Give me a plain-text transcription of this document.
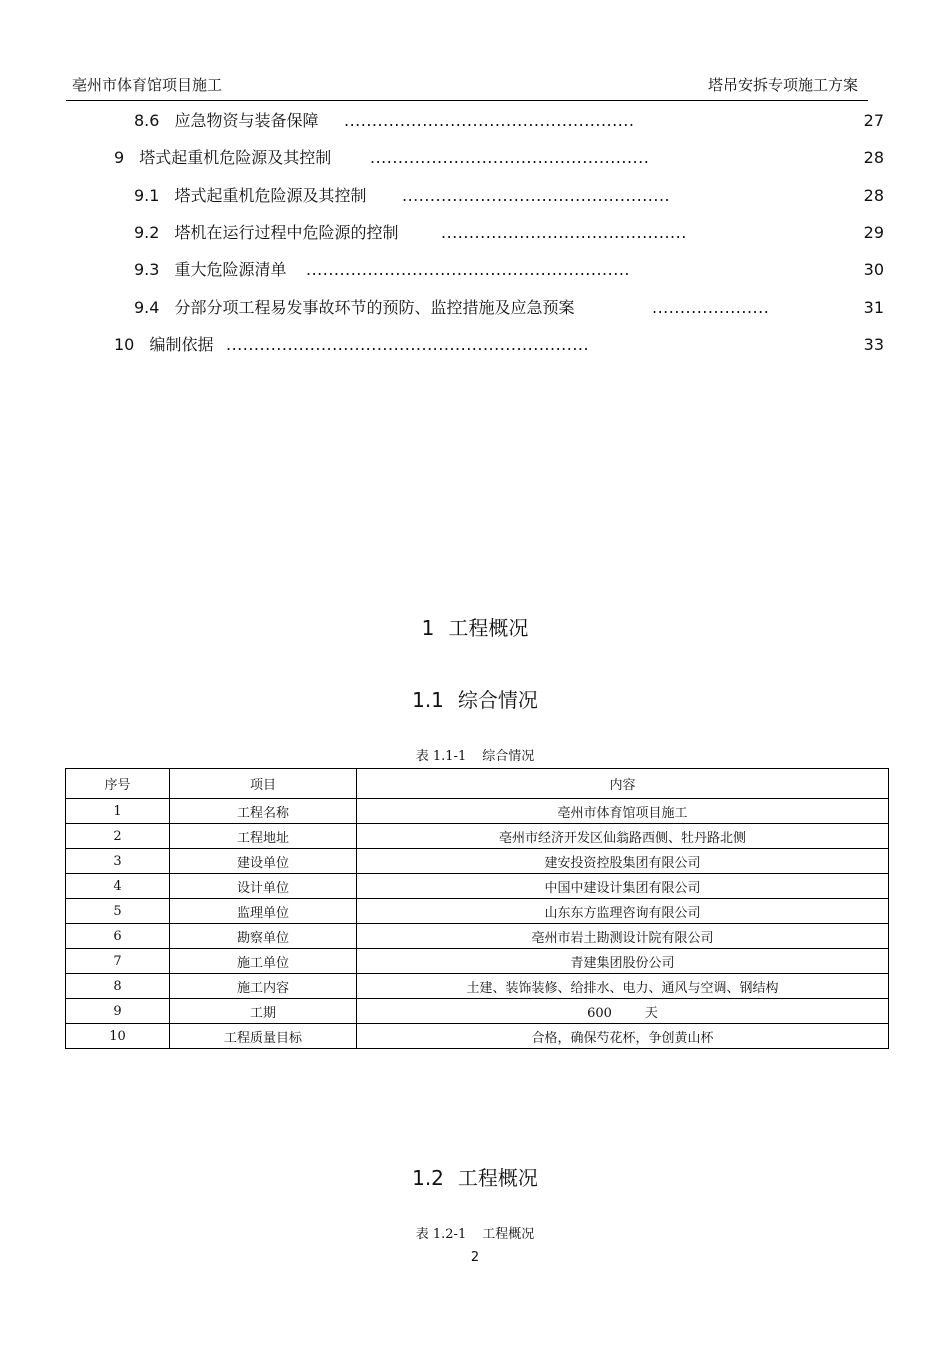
亳州市体育馆项目施工	塔吊安拆专项施工方案
8.6 应急物资与装备保障 ....................................................	27
9 塔式起重机危险源及其控制 ..................................................	28
9.1 塔式起重机危险源及其控制 ................................................	28
9.2 塔机在运行过程中危险源的控制	............................................	29
9.3 重大危险源清单 ..........................................................	30
9.4 分部分项工程易发事故环节的预防、监控措施及应急预案	.....................	31
10 编制依据 .................................................................	33
1 工程概况
1.1 综合情况
表 1.1-1 综合情况
序号	项目	内容
1	工程名称	亳州市体育馆项目施工
2	工程地址	亳州市经济开发区仙翁路西侧、牡丹路北侧
3	建设单位	建安投资控股集团有限公司
4	设计单位	中国中建设计集团有限公司
5	监理单位	山东东方监理咨询有限公司
6	勘察单位	亳州市岩土勘测设计院有限公司
7	施工单位	青建集团股份公司
8	施工内容	土建、装饰装修、给排水、电力、通风与空调、钢结构
9	工期	600        天
10	工程质量目标	合格，确保芍花杯，争创黄山杯
1.2 工程概况
表 1.2-1 工程概况
2
